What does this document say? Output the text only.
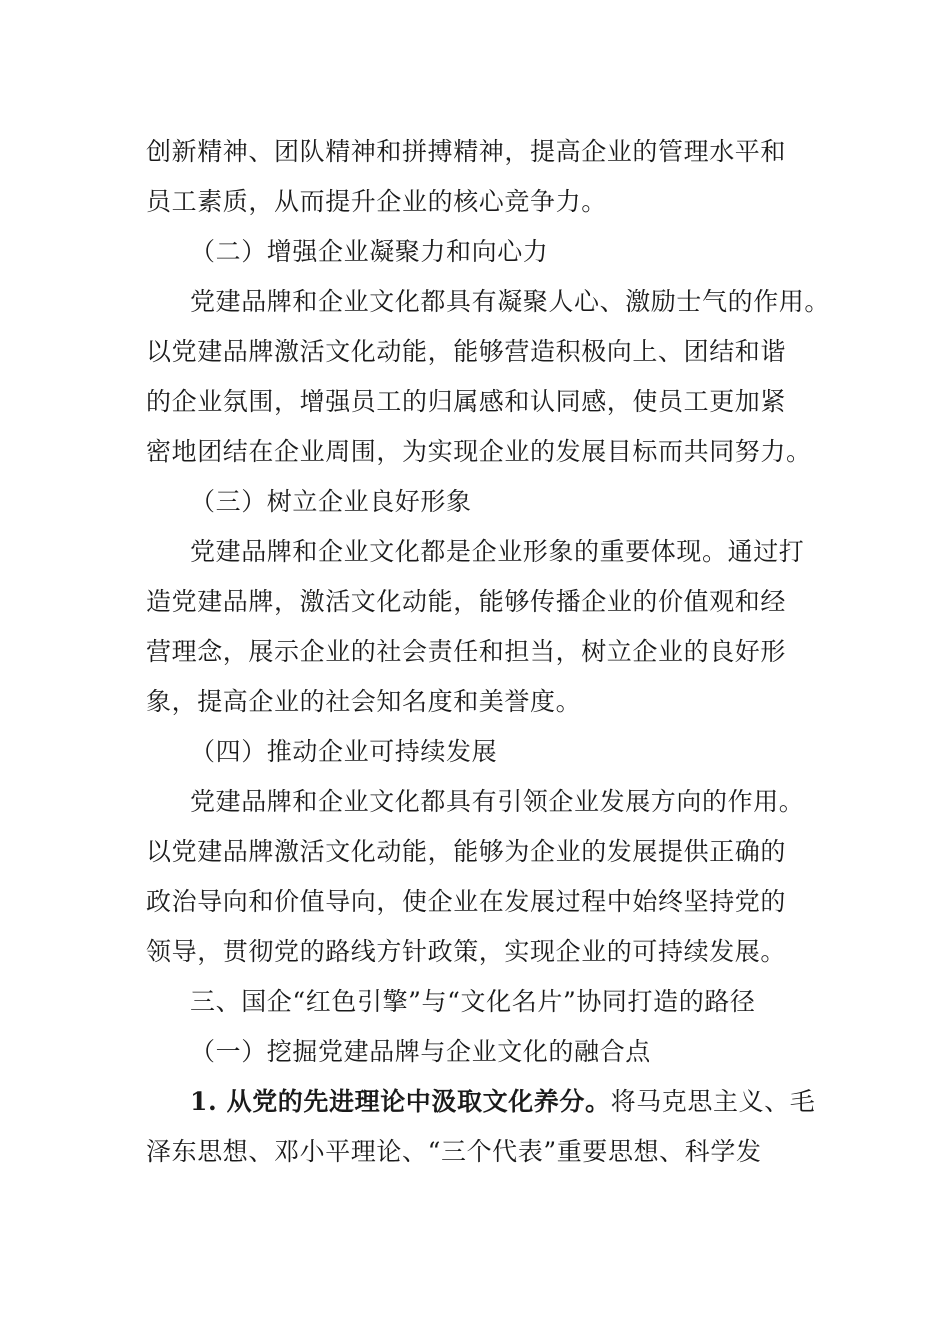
创新精神、团队精神和拼搏精神，提高企业的管理水平和
员工素质，从而提升企业的核心竞争力。
（二）增强企业凝聚力和向心力
党建品牌和企业文化都具有凝聚人心、激励士气的作用。
以党建品牌激活文化动能，能够营造积极向上、团结和谐
的企业氛围，增强员工的归属感和认同感，使员工更加紧
密地团结在企业周围，为实现企业的发展目标而共同努力。
（三）树立企业良好形象
党建品牌和企业文化都是企业形象的重要体现。通过打
造党建品牌，激活文化动能，能够传播企业的价值观和经
营理念，展示企业的社会责任和担当，树立企业的良好形
象，提高企业的社会知名度和美誉度。
（四）推动企业可持续发展
党建品牌和企业文化都具有引领企业发展方向的作用。
以党建品牌激活文化动能，能够为企业的发展提供正确的
政治导向和价值导向，使企业在发展过程中始终坚持党的
领导，贯彻党的路线方针政策，实现企业的可持续发展。
三、国企“红色引擎”与“文化名片”协同打造的路径
（一）挖掘党建品牌与企业文化的融合点
1. 从党的先进理论中汲取文化养分。将马克思主义、毛
泽东思想、邓小平理论、“三个代表”重要思想、科学发
